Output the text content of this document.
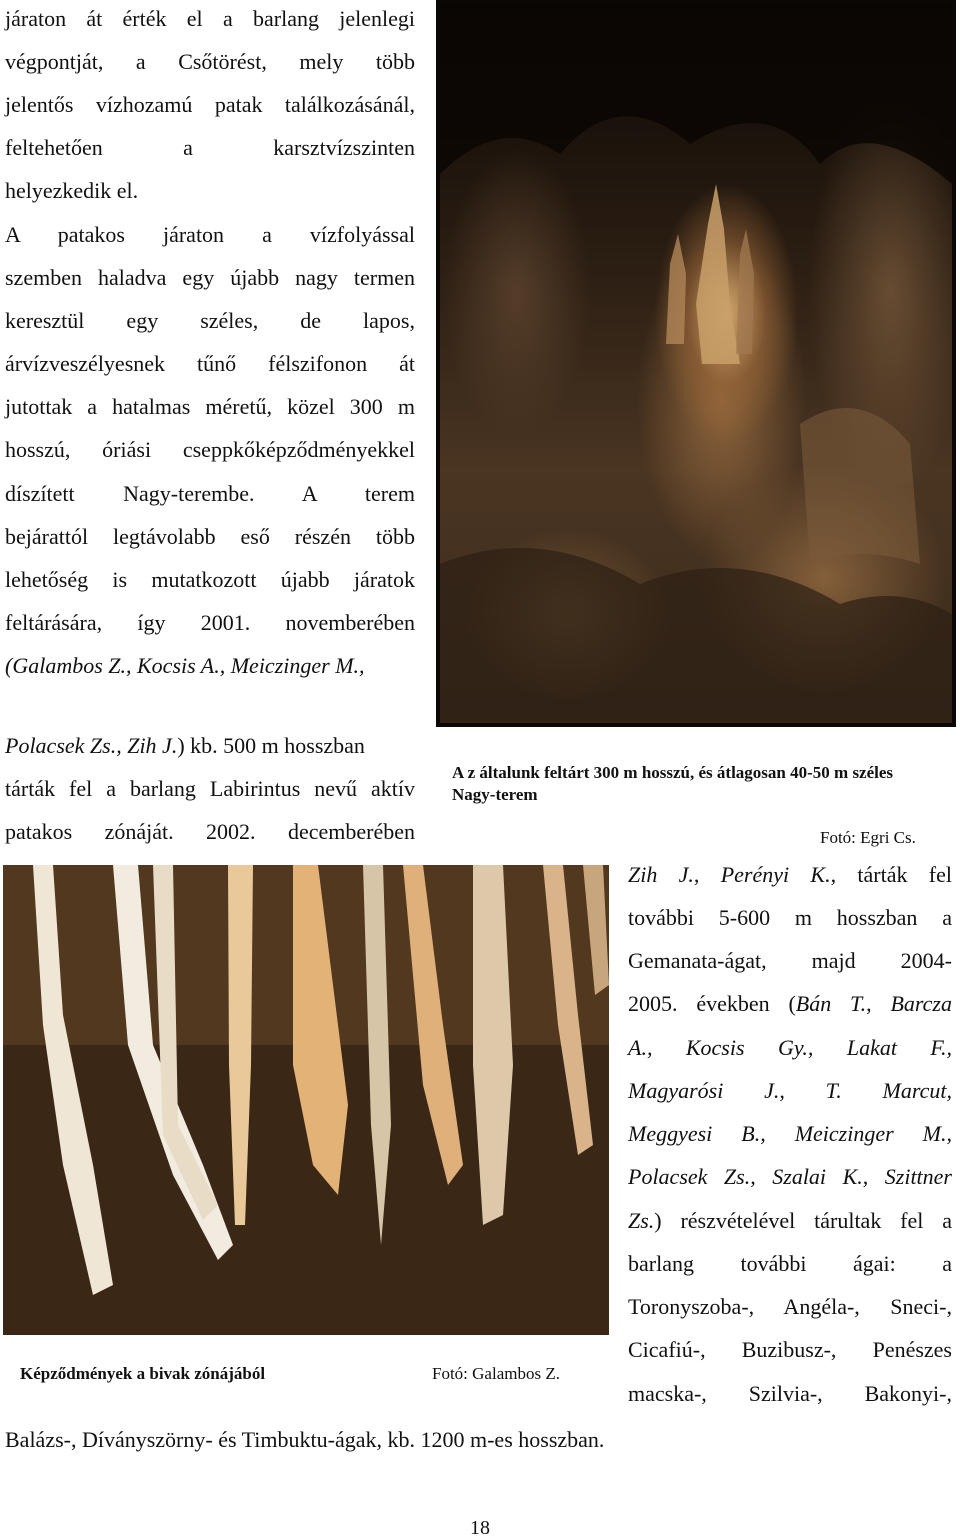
járaton át érték el a barlang jelenlegi
végpontját, a Csőtörést, mely több
jelentős vízhozamú patak találkozásánál,
feltehetően a karsztvízszinten
helyezkedik el.
A patakos járaton a vízfolyással
szemben haladva egy újabb nagy termen
keresztül egy széles, de lapos,
árvízveszélyesnek tűnő félszifonon át
jutottak a hatalmas méretű, közel 300 m
hosszú, óriási cseppkőképződményekkel
díszített Nagy-terembe. A terem
bejárattól legtávolabb eső részén több
lehetőség is mutatkozott újabb járatok
feltárására, így 2001. novemberében
(Galambos Z., Kocsis A., Meiczinger M.,
Polacsek Zs., Zih J.) kb. 500 m hosszban
tárták fel a barlang Labirintus nevű aktív
patakos zónáját. 2002. decemberében
A z általunk feltárt 300 m hosszú, és átlagosan 40-50 m széles Nagy-terem
Fotó: Egri Cs.
Zih J., Perényi K., tárták fel
további 5-600 m hosszban a
Gemanata-ágat, majd 2004-
2005. években (Bán T., Barcza
A., Kocsis Gy., Lakat F.,
Magyarósi J., T. Marcut,
Meggyesi B., Meiczinger M.,
Polacsek Zs., Szalai K., Szittner
Zs.) részvételével tárultak fel a
barlang további ágai: a
Toronyszoba-, Angéla-, Sneci-,
Cicafiú-, Buzibusz-, Penészes
macska-, Szilvia-, Bakonyi-,
Képződmények a bivak zónájából	Fotó: Galambos Z.
Balázs-, Díványszörny- és Timbuktu-ágak, kb. 1200 m-es hosszban.
18
